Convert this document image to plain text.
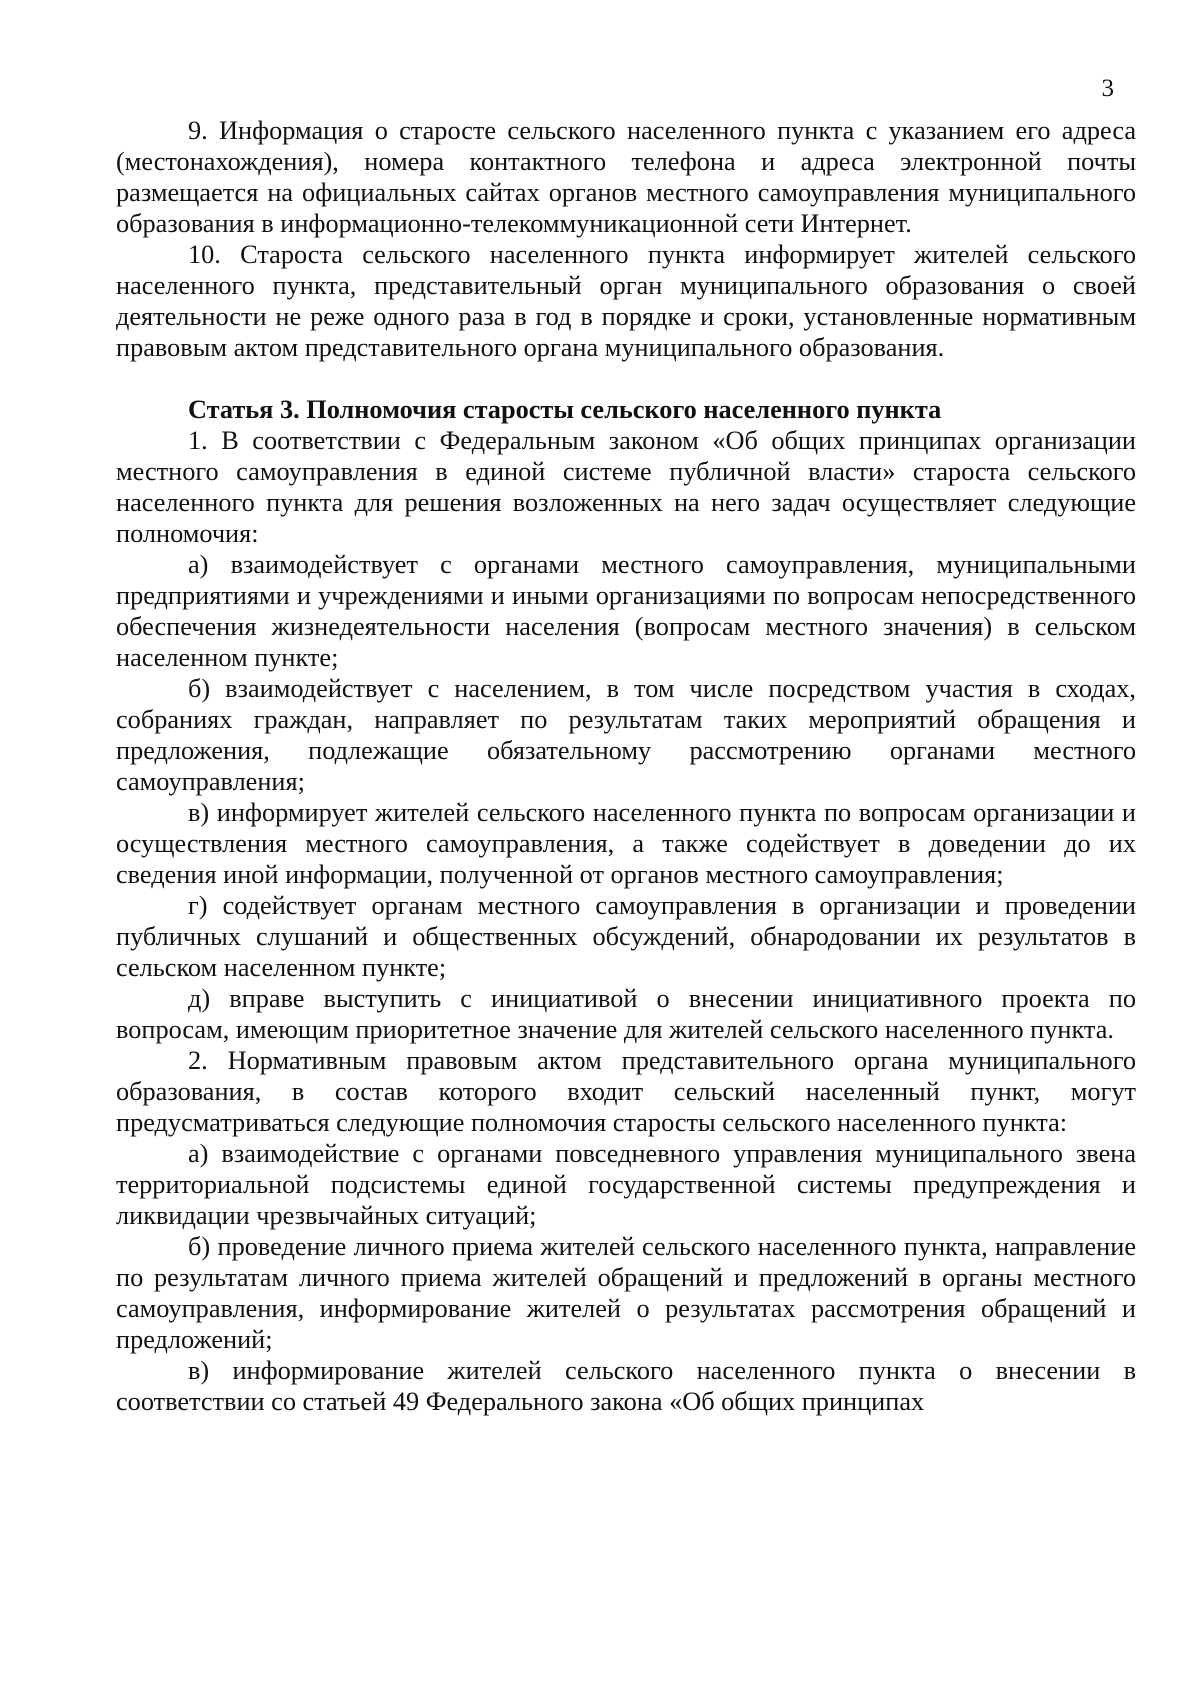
3

9. Информация о старосте сельского населенного пункта с указанием его адреса (местонахождения), номера контактного телефона и адреса электронной почты размещается на официальных сайтах органов местного самоуправления муниципального образования в информационно-телекоммуникационной сети Интернет.

10. Староста сельского населенного пункта информирует жителей сельского населенного пункта, представительный орган муниципального образования о своей деятельности не реже одного раза в год в порядке и сроки, установленные нормативным правовым актом представительного органа муниципального образования.

Статья 3. Полномочия старосты сельского населенного пункта

1. В соответствии с Федеральным законом «Об общих принципах организации местного самоуправления в единой системе публичной власти» староста сельского населенного пункта для решения возложенных на него задач осуществляет следующие полномочия:

а) взаимодействует с органами местного самоуправления, муниципальными предприятиями и учреждениями и иными организациями по вопросам непосредственного обеспечения жизнедеятельности населения (вопросам местного значения) в сельском населенном пункте;

б) взаимодействует с населением, в том числе посредством участия в сходах, собраниях граждан, направляет по результатам таких мероприятий обращения и предложения, подлежащие обязательному рассмотрению органами местного самоуправления;

в) информирует жителей сельского населенного пункта по вопросам организации и осуществления местного самоуправления, а также содействует в доведении до их сведения иной информации, полученной от органов местного самоуправления;

г) содействует органам местного самоуправления в организации и проведении публичных слушаний и общественных обсуждений, обнародовании их результатов в сельском населенном пункте;

д) вправе выступить с инициативой о внесении инициативного проекта по вопросам, имеющим приоритетное значение для жителей сельского населенного пункта.

2. Нормативным правовым актом представительного органа муниципального образования, в состав которого входит сельский населенный пункт, могут предусматриваться следующие полномочия старосты сельского населенного пункта:

а) взаимодействие с органами повседневного управления муниципального звена территориальной подсистемы единой государственной системы предупреждения и ликвидации чрезвычайных ситуаций;

б) проведение личного приема жителей сельского населенного пункта, направление по результатам личного приема жителей обращений и предложений в органы местного самоуправления, информирование жителей о результатах рассмотрения обращений и предложений;

в) информирование жителей сельского населенного пункта о внесении в соответствии со статьей 49 Федерального закона «Об общих принципах
